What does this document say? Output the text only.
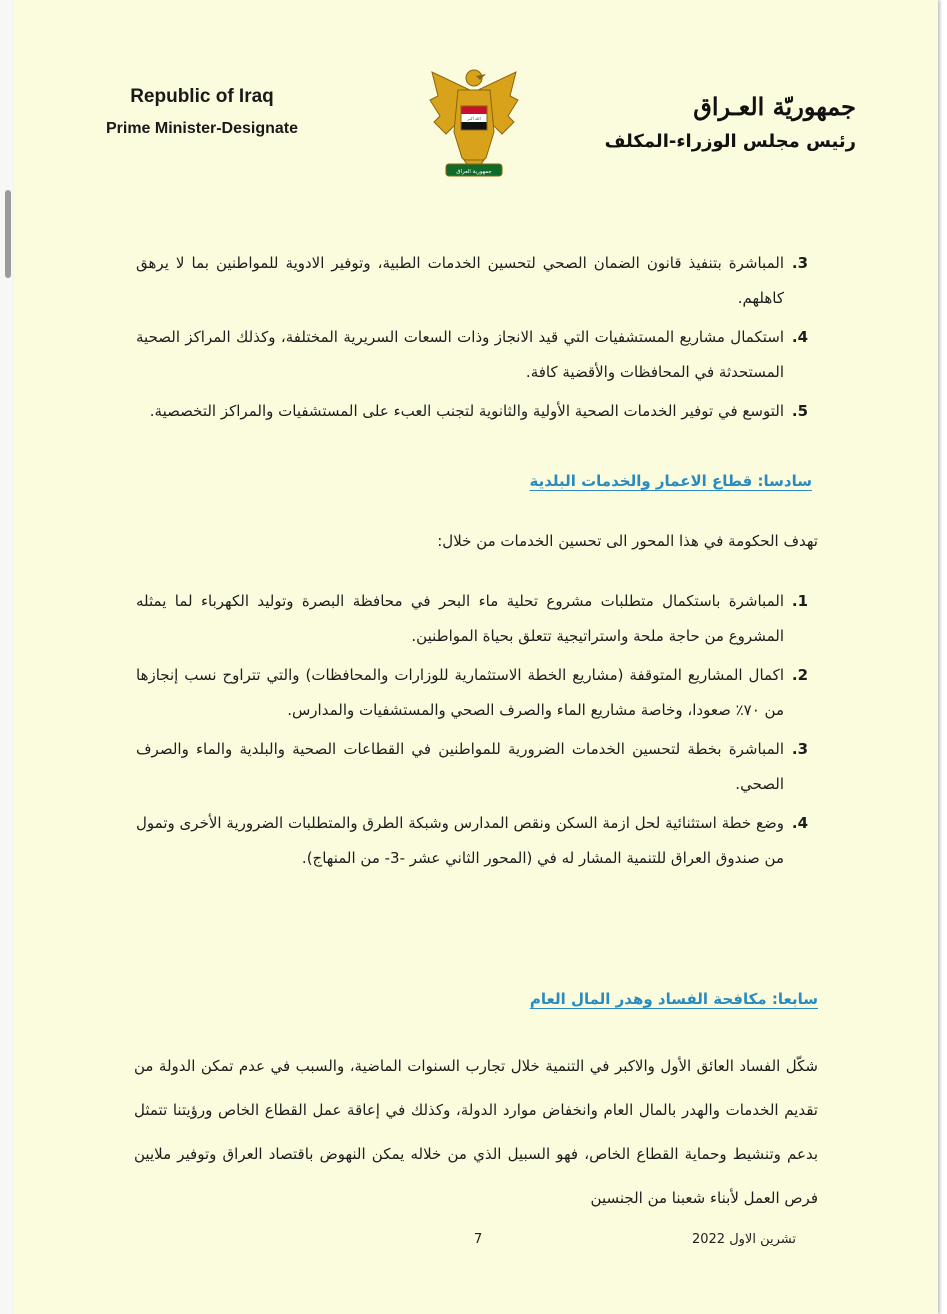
Republic of Iraq
Prime Minister-Designate
الله أكبر
جمهورية العراق
جمهوريّة العـراق
رئيس مجلس الوزراء-المكلف
3.
المباشرة بتنفيذ قانون الضمان الصحي لتحسين الخدمات الطبية، وتوفير الادوية للمواطنين بما لا يرهق كاهلهم.
4.
استكمال مشاريع المستشفيات التي قيد الانجاز وذات السعات السريرية المختلفة، وكذلك المراكز الصحية المستحدثة في المحافظات والأقضية كافة.
5.
التوسع في توفير الخدمات الصحية الأولية والثانوية لتجنب العبء على المستشفيات والمراكز التخصصية.
سادسا: قطاع الاعمار والخدمات البلدية
تهدف الحكومة في هذا المحور الى تحسين الخدمات من خلال:
1.
المباشرة باستكمال متطلبات مشروع تحلية ماء البحر في محافظة البصرة وتوليد الكهرباء لما يمثله المشروع من حاجة ملحة واستراتيجية تتعلق بحياة المواطنين.
2.
اكمال المشاريع المتوقفة (مشاريع الخطة الاستثمارية للوزارات والمحافظات) والتي تتراوح نسب إنجازها من ٧٠٪ صعودا، وخاصة مشاريع الماء والصرف الصحي والمستشفيات والمدارس.
3.
المباشرة بخطة لتحسين الخدمات الضرورية للمواطنين في القطاعات الصحية والبلدية والماء والصرف الصحي.
4.
وضع خطة استثنائية لحل ازمة السكن ونقص المدارس وشبكة الطرق والمتطلبات الضرورية الأخرى وتمول من صندوق العراق للتنمية المشار له في (المحور الثاني عشر -3- من المنهاج).
سابعا: مكافحة الفساد وهدر المال العام
شكّل الفساد العائق الأول والاكبر في التنمية خلال تجارب السنوات الماضية، والسبب في عدم تمكن الدولة من تقديم الخدمات والهدر بالمال العام وانخفاض موارد الدولة، وكذلك في إعاقة عمل القطاع الخاص ورؤيتنا تتمثل بدعم وتنشيط وحماية القطاع الخاص، فهو السبيل الذي من خلاله يمكن النهوض باقتصاد العراق وتوفير ملايين فرص العمل لأبناء شعبنا من الجنسين
7	تشرين الاول 2022
